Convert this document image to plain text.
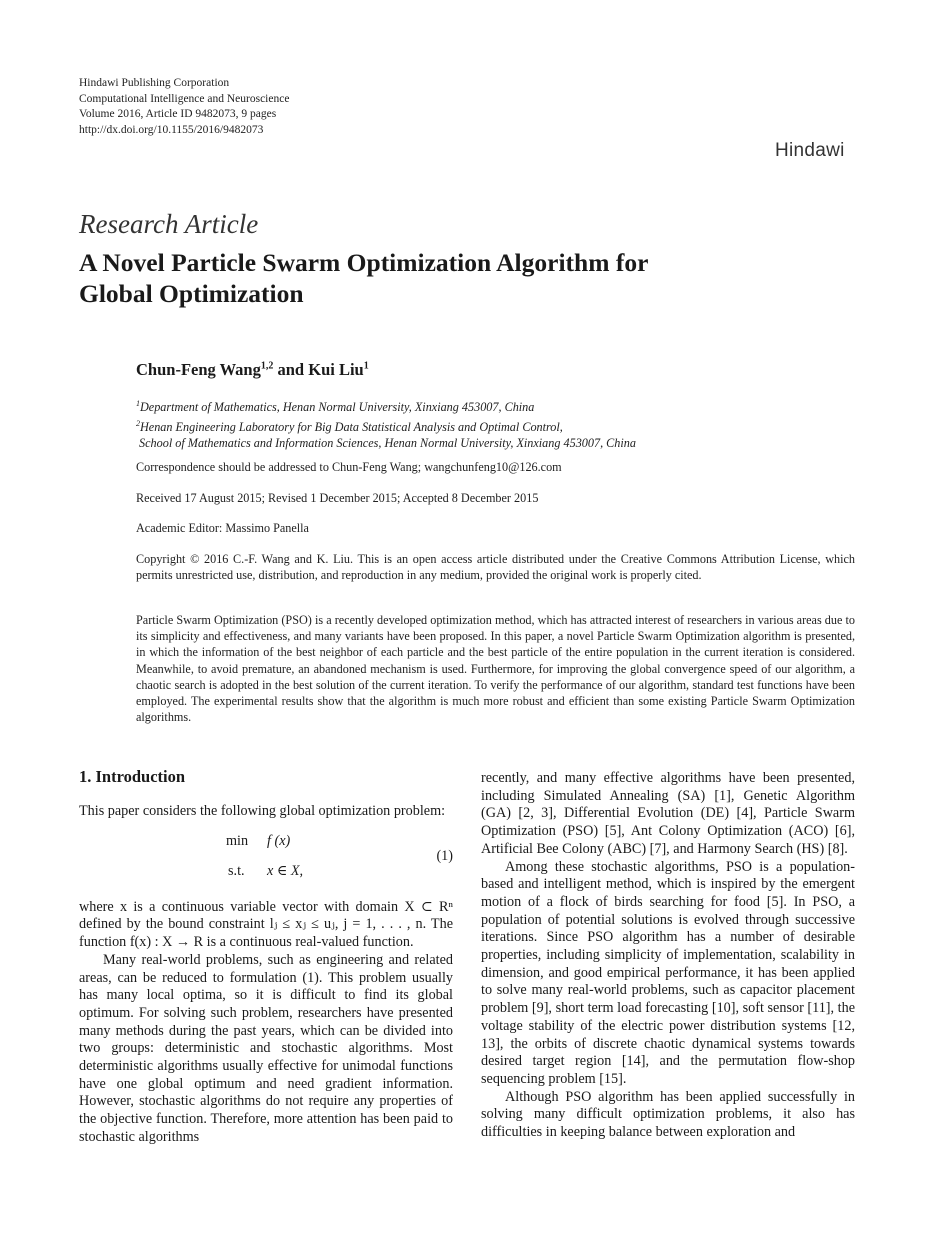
Hindawi Publishing Corporation
Computational Intelligence and Neuroscience
Volume 2016, Article ID 9482073, 9 pages
http://dx.doi.org/10.1155/2016/9482073
Hindawi
Research Article
A Novel Particle Swarm Optimization Algorithm for
Global Optimization
Chun-Feng Wang$^{1,2}$ and Kui Liu$^1$
$^1$Department of Mathematics, Henan Normal University, Xinxiang 453007, China
$^2$Henan Engineering Laboratory for Big Data Statistical Analysis and Optimal Control,
School of Mathematics and Information Sciences, Henan Normal University, Xinxiang 453007, China
Correspondence should be addressed to Chun-Feng Wang; wangchunfeng10@126.com
Received 17 August 2015; Revised 1 December 2015; Accepted 8 December 2015
Academic Editor: Massimo Panella
Copyright © 2016 C.-F. Wang and K. Liu. This is an open access article distributed under the Creative Commons Attribution License, which permits unrestricted use, distribution, and reproduction in any medium, provided the original work is properly cited.
Particle Swarm Optimization (PSO) is a recently developed optimization method, which has attracted interest of researchers in various areas due to its simplicity and effectiveness, and many variants have been proposed. In this paper, a novel Particle Swarm Optimization algorithm is presented, in which the information of the best neighbor of each particle and the best particle of the entire population in the current iteration is considered. Meanwhile, to avoid premature, an abandoned mechanism is used. Furthermore, for improving the global convergence speed of our algorithm, a chaotic search is adopted in the best solution of the current iteration. To verify the performance of our algorithm, standard test functions have been employed. The experimental results show that the algorithm is much more robust and efficient than some existing Particle Swarm Optimization algorithms.
1. Introduction

This paper considers the following global optimization problem:

min f (x)
s.t. x ∈ X,
(1)

where x is a continuous variable vector with domain X ⊂ Rⁿ defined by the bound constraint lⱼ ≤ xⱼ ≤ uⱼ, j = 1, . . . , n. The function f(x) : X → R is a continuous real-valued function.

Many real-world problems, such as engineering and related areas, can be reduced to formulation (1). This problem usually has many local optima, so it is difficult to find its global optimum. For solving such problem, researchers have presented many methods during the past years, which can be divided into two groups: deterministic and stochastic algorithms. Most deterministic algorithms usually effective for unimodal functions have one global optimum and need gradient information. However, stochastic algorithms do not require any properties of the objective function. Therefore, more attention has been paid to stochastic algorithms

recently, and many effective algorithms have been presented, including Simulated Annealing (SA) [1], Genetic Algorithm (GA) [2, 3], Differential Evolution (DE) [4], Particle Swarm Optimization (PSO) [5], Ant Colony Optimization (ACO) [6], Artificial Bee Colony (ABC) [7], and Harmony Search (HS) [8].

Among these stochastic algorithms, PSO is a population-based and intelligent method, which is inspired by the emergent motion of a flock of birds searching for food [5]. In PSO, a population of potential solutions is evolved through successive iterations. Since PSO algorithm has a number of desirable properties, including simplicity of implementation, scalability in dimension, and good empirical performance, it has been applied to solve many real-world problems, such as capacitor placement problem [9], short term load forecasting [10], soft sensor [11], the voltage stability of the electric power distribution systems [12, 13], the orbits of discrete chaotic dynamical systems towards desired target region [14], and the permutation flow-shop sequencing problem [15].

Although PSO algorithm has been applied successfully in solving many difficult optimization problems, it also has difficulties in keeping balance between exploration and
